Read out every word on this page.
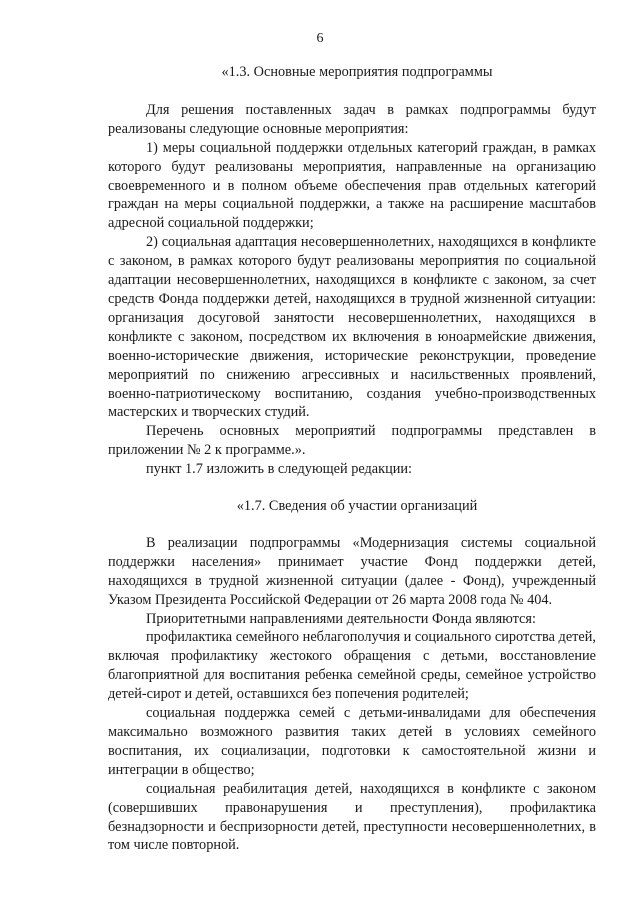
6

«1.3. Основные мероприятия подпрограммы

Для решения поставленных задач в рамках подпрограммы будут реализованы следующие основные мероприятия:

1) меры социальной поддержки отдельных категорий граждан, в рамках которого будут реализованы мероприятия, направленные на организацию своевременного и в полном объеме обеспечения прав отдельных категорий граждан на меры социальной поддержки, а также на расширение масштабов адресной социальной поддержки;

2) социальная адаптация несовершеннолетних, находящихся в конфликте с законом, в рамках которого будут реализованы мероприятия по социальной адаптации несовершеннолетних, находящихся в конфликте с законом, за счет средств Фонда поддержки детей, находящихся в трудной жизненной ситуации: организация досуговой занятости несовершеннолетних, находящихся в конфликте с законом, посредством их включения в юноармейские движения, военно-исторические движения, исторические реконструкции, проведение мероприятий по снижению агрессивных и насильственных проявлений, военно-патриотическому воспитанию, создания учебно-производственных мастерских и творческих студий.

Перечень основных мероприятий подпрограммы представлен в приложении № 2 к программе.».

пункт 1.7 изложить в следующей редакции:

«1.7. Сведения об участии организаций

В реализации подпрограммы «Модернизация системы социальной поддержки населения» принимает участие Фонд поддержки детей, находящихся в трудной жизненной ситуации (далее - Фонд), учрежденный Указом Президента Российской Федерации от 26 марта 2008 года № 404.

Приоритетными направлениями деятельности Фонда являются:

профилактика семейного неблагополучия и социального сиротства детей, включая профилактику жестокого обращения с детьми, восстановление благоприятной для воспитания ребенка семейной среды, семейное устройство детей-сирот и детей, оставшихся без попечения родителей;

социальная поддержка семей с детьми-инвалидами для обеспечения максимально возможного развития таких детей в условиях семейного воспитания, их социализации, подготовки к самостоятельной жизни и интеграции в общество;

социальная реабилитация детей, находящихся в конфликте с законом (совершивших правонарушения и преступления), профилактика безнадзорности и беспризорности детей, преступности несовершеннолетних, в том числе повторной.
